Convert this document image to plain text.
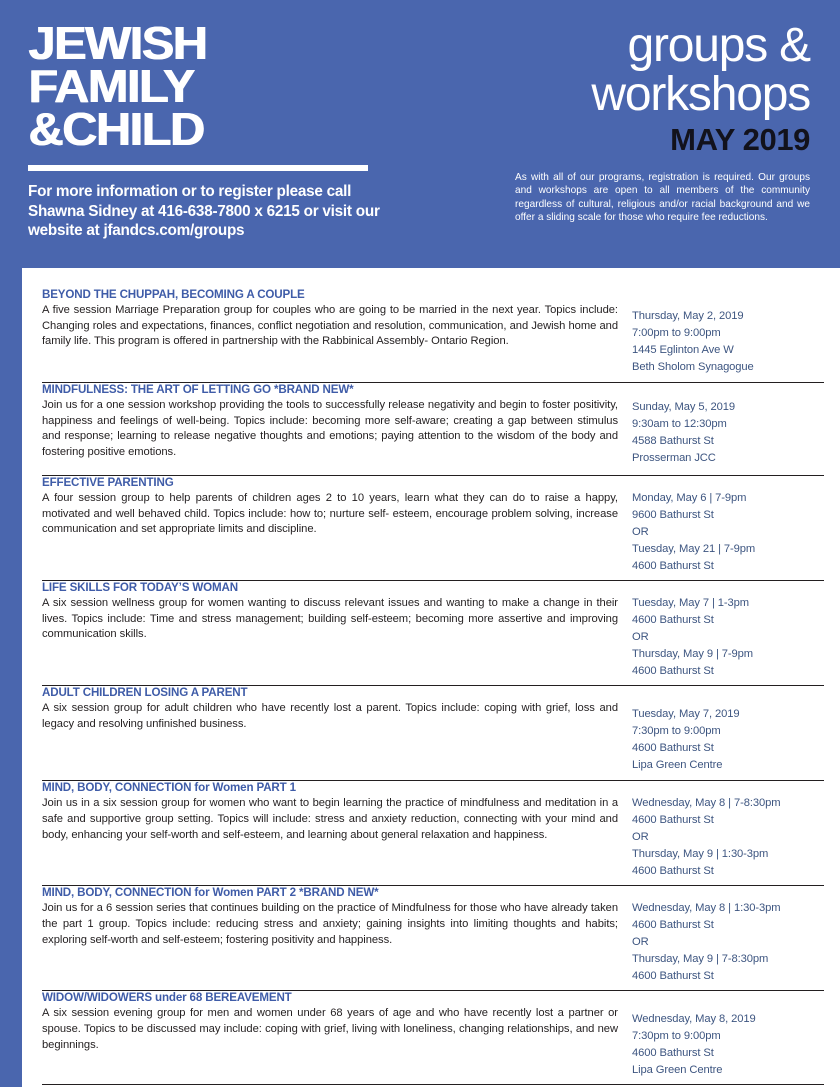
JEWISH
FAMILY
&CHILD
For more information or to register please call Shawna Sidney at 416-638-7800 x 6215 or visit our website at jfandcs.com/groups
groups &
workshops
MAY 2019
As with all of our programs, registration is required. Our groups and workshops are open to all members of the community regardless of cultural, religious and/or racial background and we offer a sliding scale for those who require fee reductions.
BEYOND THE CHUPPAH, BECOMING A COUPLE
A five session Marriage Preparation group for couples who are going to be married in the next year. Topics include: Changing roles and expectations, finances, conflict negotiation and resolution, communication, and Jewish home and family life. This program is offered in partnership with the Rabbinical Assembly- Ontario Region.
Thursday, May 2, 2019
7:00pm to 9:00pm
1445 Eglinton Ave W
Beth Sholom Synagogue
MINDFULNESS: THE ART OF LETTING GO *BRAND NEW*
Join us for a one session workshop providing the tools to successfully release negativity and begin to foster positivity, happiness and feelings of well-being. Topics include: becoming more self-aware; creating a gap between stimulus and response; learning to release negative thoughts and emotions; paying attention to the wisdom of the body and fostering positive emotions.
Sunday, May 5, 2019
9:30am to 12:30pm
4588 Bathurst St
Prosserman JCC
EFFECTIVE PARENTING
A four session group to help parents of children ages 2 to 10 years, learn what they can do to raise a happy, motivated and well behaved child. Topics include: how to; nurture self- esteem, encourage problem solving, increase communication and set appropriate limits and discipline.
Monday, May 6 | 7-9pm
9600 Bathurst St
OR
Tuesday, May 21 | 7-9pm
4600 Bathurst St
LIFE SKILLS FOR TODAY’S WOMAN
A six session wellness group for women wanting to discuss relevant issues and wanting to make a change in their lives. Topics include: Time and stress management; building self-esteem; becoming more assertive and improving communication skills.
Tuesday, May 7 | 1-3pm
4600 Bathurst St
OR
Thursday, May 9 | 7-9pm
4600 Bathurst St
ADULT CHILDREN LOSING A PARENT
A six session group for adult children who have recently lost a parent. Topics include: coping with grief, loss and legacy and resolving unfinished business.
Tuesday, May 7, 2019
7:30pm to 9:00pm
4600 Bathurst St
Lipa Green Centre
MIND, BODY, CONNECTION for Women PART 1
Join us in a six session group for women who want to begin learning the practice of mindfulness and meditation in a safe and supportive group setting. Topics will include: stress and anxiety reduction, connecting with your mind and body, enhancing your self-worth and self-esteem, and learning about general relaxation and happiness.
Wednesday, May 8 | 7-8:30pm
4600 Bathurst St
OR
Thursday, May 9 | 1:30-3pm
4600 Bathurst St
MIND, BODY, CONNECTION for Women PART 2 *BRAND NEW*
Join us for a 6 session series that continues building on the practice of Mindfulness for those who have already taken the part 1 group. Topics include: reducing stress and anxiety; gaining insights into limiting thoughts and habits; exploring self-worth and self-esteem; fostering positivity and happiness.
Wednesday, May 8 | 1:30-3pm
4600 Bathurst St
OR
Thursday, May 9 | 7-8:30pm
4600 Bathurst St
WIDOW/WIDOWERS under 68 BEREAVEMENT
A six session evening group for men and women under 68 years of age and who have recently lost a partner or spouse. Topics to be discussed may include: coping with grief, living with loneliness, changing relationships, and new beginnings.
Wednesday, May 8, 2019
7:30pm to 9:00pm
4600 Bathurst St
Lipa Green Centre
